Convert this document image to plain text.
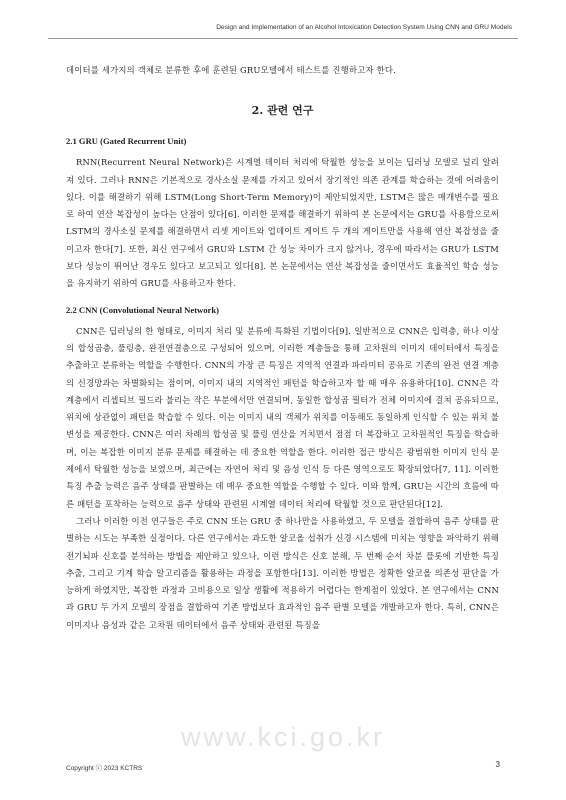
Design and Implementation of an Alcohol Intoxication Detection System Using CNN and GRU Models

데이터를 세가지의 객체로 분류한 후에 훈련된 GRU모델에서 테스트를 진행하고자 한다.

2. 관련 연구
2.1 GRU (Gated Recurrent Unit)

RNN(Recurrent Neural Network)은 시계열 데이터 처리에 탁월한 성능을 보이는 딥러닝 모델로 널리 알려져 있다. 그러나 RNN은 기본적으로 경사소실 문제를 가지고 있어서 장기적인 의존 관계를 학습하는 것에 어려움이 있다. 이를 해결하기 위해 LSTM(Long Short-Term Memory)이 제안되었지만, LSTM은 많은 매개변수를 필요로 하여 연산 복잡성이 높다는 단점이 있다[6]. 이러한 문제를 해결하기 위하여 본 논문에서는 GRU를 사용함으로써 LSTM의 경사소실 문제를 해결하면서 리셋 게이트와 업데이트 게이트 두 개의 게이트만을 사용해 연산 복잡성을 줄이고자 한다[7]. 또한, 최신 연구에서 GRU와 LSTM 간 성능 차이가 크지 않거나, 경우에 따라서는 GRU가 LSTM보다 성능이 뛰어난 경우도 있다고 보고되고 있다[8]. 본 논문에서는 연산 복잡성을 줄이면서도 효율적인 학습 성능을 유지하기 위하여 GRU를 사용하고자 한다.

2.2 CNN (Convolutional Neural Network)

CNN은 딥러닝의 한 형태로, 이미지 처리 및 분류에 특화된 기법이다[9]. 일반적으로 CNN은 입력층, 하나 이상의 합성곱층, 풀링층, 완전연결층으로 구성되어 있으며, 이러한 계층들을 통해 고차원의 이미지 데이터에서 특징을 추출하고 분류하는 역할을 수행한다. CNN의 가장 큰 특징은 지역적 연결과 파라미터 공유로 기존의 완전 연결 계층의 신경망과는 차별화되는 점이며, 이미지 내의 지역적인 패턴을 학습하고자 할 때 매우 유용하다[10]. CNN은 각 계층에서 리셉티브 필드라 불리는 작은 부분에서만 연결되며, 동일한 합성곱 필터가 전체 이미지에 걸쳐 공유되므로, 위치에 상관없이 패턴을 학습할 수 있다. 이는 이미지 내의 객체가 위치를 이동해도 동일하게 인식할 수 있는 위치 불변성을 제공한다. CNN은 여러 차례의 합성곱 및 풀링 연산을 거치면서 점점 더 복잡하고 고차원적인 특징을 학습하며, 이는 복잡한 이미지 분류 문제를 해결하는 데 중요한 역할을 한다. 이러한 접근 방식은 광범위한 이미지 인식 문제에서 탁월한 성능을 보였으며, 최근에는 자연어 처리 및 음성 인식 등 다른 영역으로도 확장되었다[7, 11]. 이러한 특징 추출 능력은 음주 상태를 판별하는 데 매우 중요한 역할을 수행할 수 있다. 이와 함께, GRU는 시간의 흐름에 따른 패턴을 포착하는 능력으로 음주 상태와 관련된 시계열 데이터 처리에 탁월할 것으로 판단된다[12].

그러나 이러한 이전 연구들은 주로 CNN 또는 GRU 중 하나만을 사용하였고, 두 모델을 결합하여 음주 상태를 판별하는 시도는 부족한 실정이다. 다른 연구에서는 과도한 알코올 섭취가 신경 시스템에 미치는 영향을 파악하기 위해 전기뇌파 신호를 분석하는 방법을 제안하고 있으나, 이런 방식은 신호 분해, 두 번째 순서 차분 플롯에 기반한 특징 추출, 그리고 기계 학습 알고리즘을 활용하는 과정을 포함한다[13]. 이러한 방법은 정확한 알코올 의존성 판단을 가능하게 하였지만, 복잡한 과정과 고비용으로 일상 생활에 적용하기 어렵다는 한계점이 있었다. 본 연구에서는 CNN과 GRU 두 가지 모델의 장점을 결합하여 기존 방법보다 효과적인 음주 판별 모델을 개발하고자 한다. 특히, CNN은 이미지나 음성과 같은 고차원 데이터에서 음주 상태와 관련된 특징을

www.kci.go.kr
Copyright ⓒ 2023 KCTRS	3
